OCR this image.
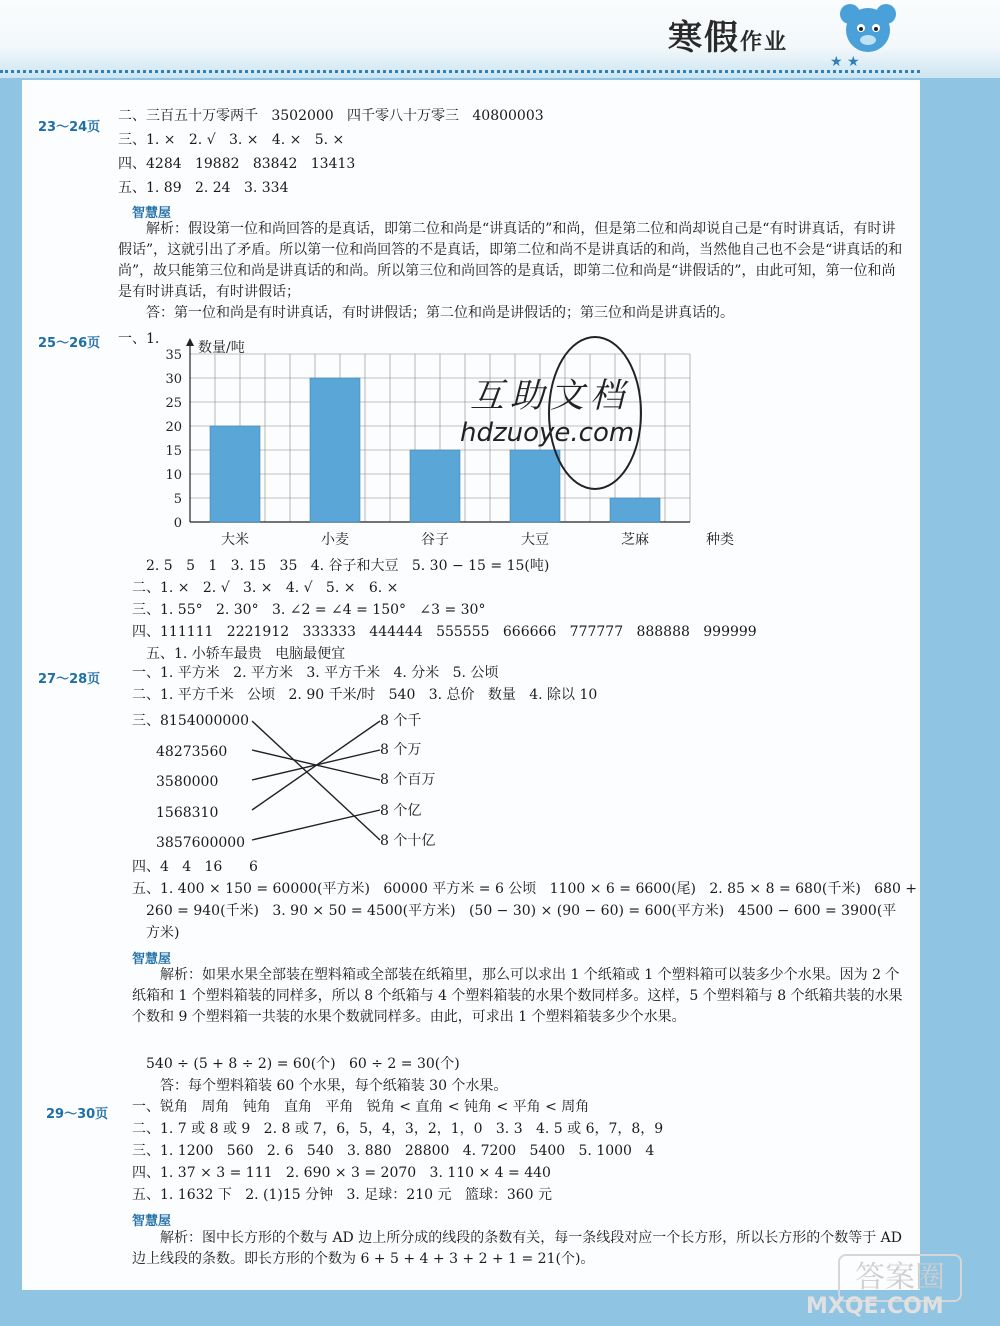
寒假作业
★ ★
23～24页
二、三百五十万零两千   3502000   四千零八十万零三   40800003
三、1. ×   2. √   3. ×   4. ×   5. ×
四、4284   19882   83842   13413
五、1. 89   2. 24   3. 334
智慧屋
解析：假设第一位和尚回答的是真话，即第二位和尚是“讲真话的”和尚，但是第二位和尚却说自己是“有时讲真话，有时讲假话”，这就引出了矛盾。所以第一位和尚回答的不是真话，即第二位和尚不是讲真话的和尚，当然他自己也不会是“讲真话的和尚”，故只能第三位和尚是讲真话的和尚。所以第三位和尚回答的是真话，即第二位和尚是“讲假话的”，由此可知，第一位和尚是有时讲真话，有时讲假话；
答：第一位和尚是有时讲真话，有时讲假话；第二位和尚是讲假话的；第三位和尚是讲真话的。
25～26页 一、1.
0
5
10
15
20
25
30
35 数量/吨
大米	小麦	谷子	大豆	芝麻	种类
2. 5   5   1   3. 15   35   4. 谷子和大豆   5. 30 − 15 = 15(吨)
二、1. ×   2. √   3. ×   4. √   5. ×   6. ×
三、1. 55°   2. 30°   3. ∠2 = ∠4 = 150°   ∠3 = 30°
四、111111   2221912   333333   444444   555555   666666   777777   888888   999999
五、1. 小轿车最贵   电脑最便宜
27～28页 一、1. 平方米   2. 平方米   3. 平方千米   4. 分米   5. 公顷
二、1. 平方千米   公顷   2. 90 千米/时   540   3. 总价   数量   4. 除以 10
三、 8154000000
48273560
3580000
1568310
3857600000
8 个千
8 个万
8 个百万
8 个亿
8 个十亿
四、4   4   16      6
五、1. 400 × 150 = 60000(平方米)   60000 平方米 = 6 公顷   1100 × 6 = 6600(尾)   2. 85 × 8 = 680(千米)   680 +
260 = 940(千米)   3. 90 × 50 = 4500(平方米)   (50 − 30) × (90 − 60) = 600(平方米)   4500 − 600 = 3900(平
方米)
智慧屋
解析：如果水果全部装在塑料箱或全部装在纸箱里，那么可以求出 1 个纸箱或 1 个塑料箱可以装多少个水果。因为 2 个纸箱和 1 个塑料箱装的同样多，所以 8 个纸箱与 4 个塑料箱装的水果个数同样多。这样，5 个塑料箱与 8 个纸箱共装的水果个数和 9 个塑料箱一共装的水果个数就同样多。由此，可求出 1 个塑料箱装多少个水果。
540 ÷ (5 + 8 ÷ 2) = 60(个)   60 ÷ 2 = 30(个)
答：每个塑料箱装 60 个水果，每个纸箱装 30 个水果。
29～30页 一、锐角   周角   钝角   直角   平角   锐角 < 直角 < 钝角 < 平角 < 周角
二、1. 7 或 8 或 9   2. 8 或 7，6，5，4，3，2，1，0   3. 3   4. 5 或 6，7，8，9
三、1. 1200   560   2. 6   540   3. 880   28800   4. 7200   5400   5. 1000   4
四、1. 37 × 3 = 111   2. 690 × 3 = 2070   3. 110 × 4 = 440
五、1. 1632 下   2. (1)15 分钟   3. 足球：210 元   篮球：360 元
智慧屋
解析：图中长方形的个数与 AD 边上所分成的线段的条数有关，每一条线段对应一个长方形，所以长方形的个数等于 AD 边上线段的条数。即长方形的个数为 6 + 5 + 4 + 3 + 2 + 1 = 21(个)。
互助文档
hdzuoye.com
答案圈
MXQE.COM
